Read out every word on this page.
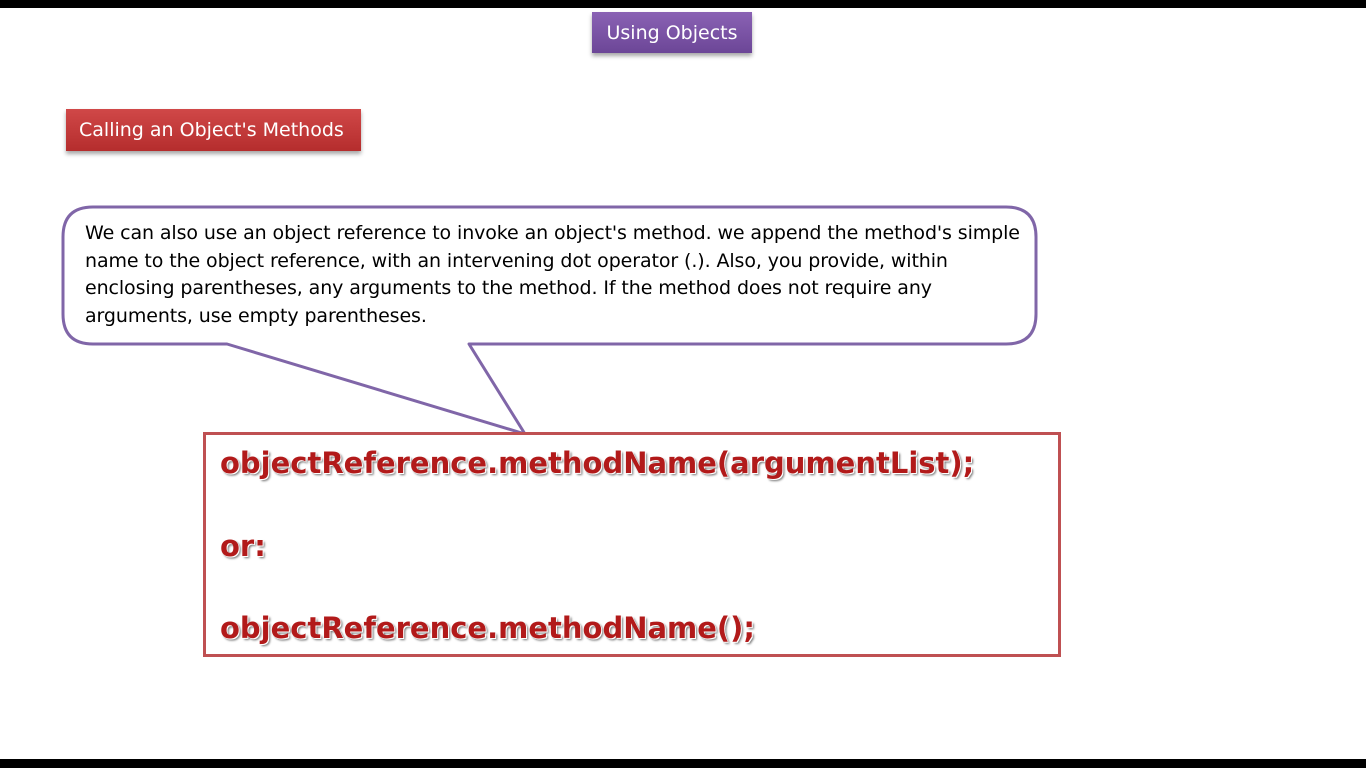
Using Objects
Calling an Object's Methods
We can also use an object reference to invoke an object's method. we append the method's simple name to the object reference, with an intervening dot operator (.). Also, you provide, within enclosing parentheses, any arguments to the method. If the method does not require any arguments, use empty parentheses.
objectReference.methodName(argumentList);
or:
objectReference.methodName();
